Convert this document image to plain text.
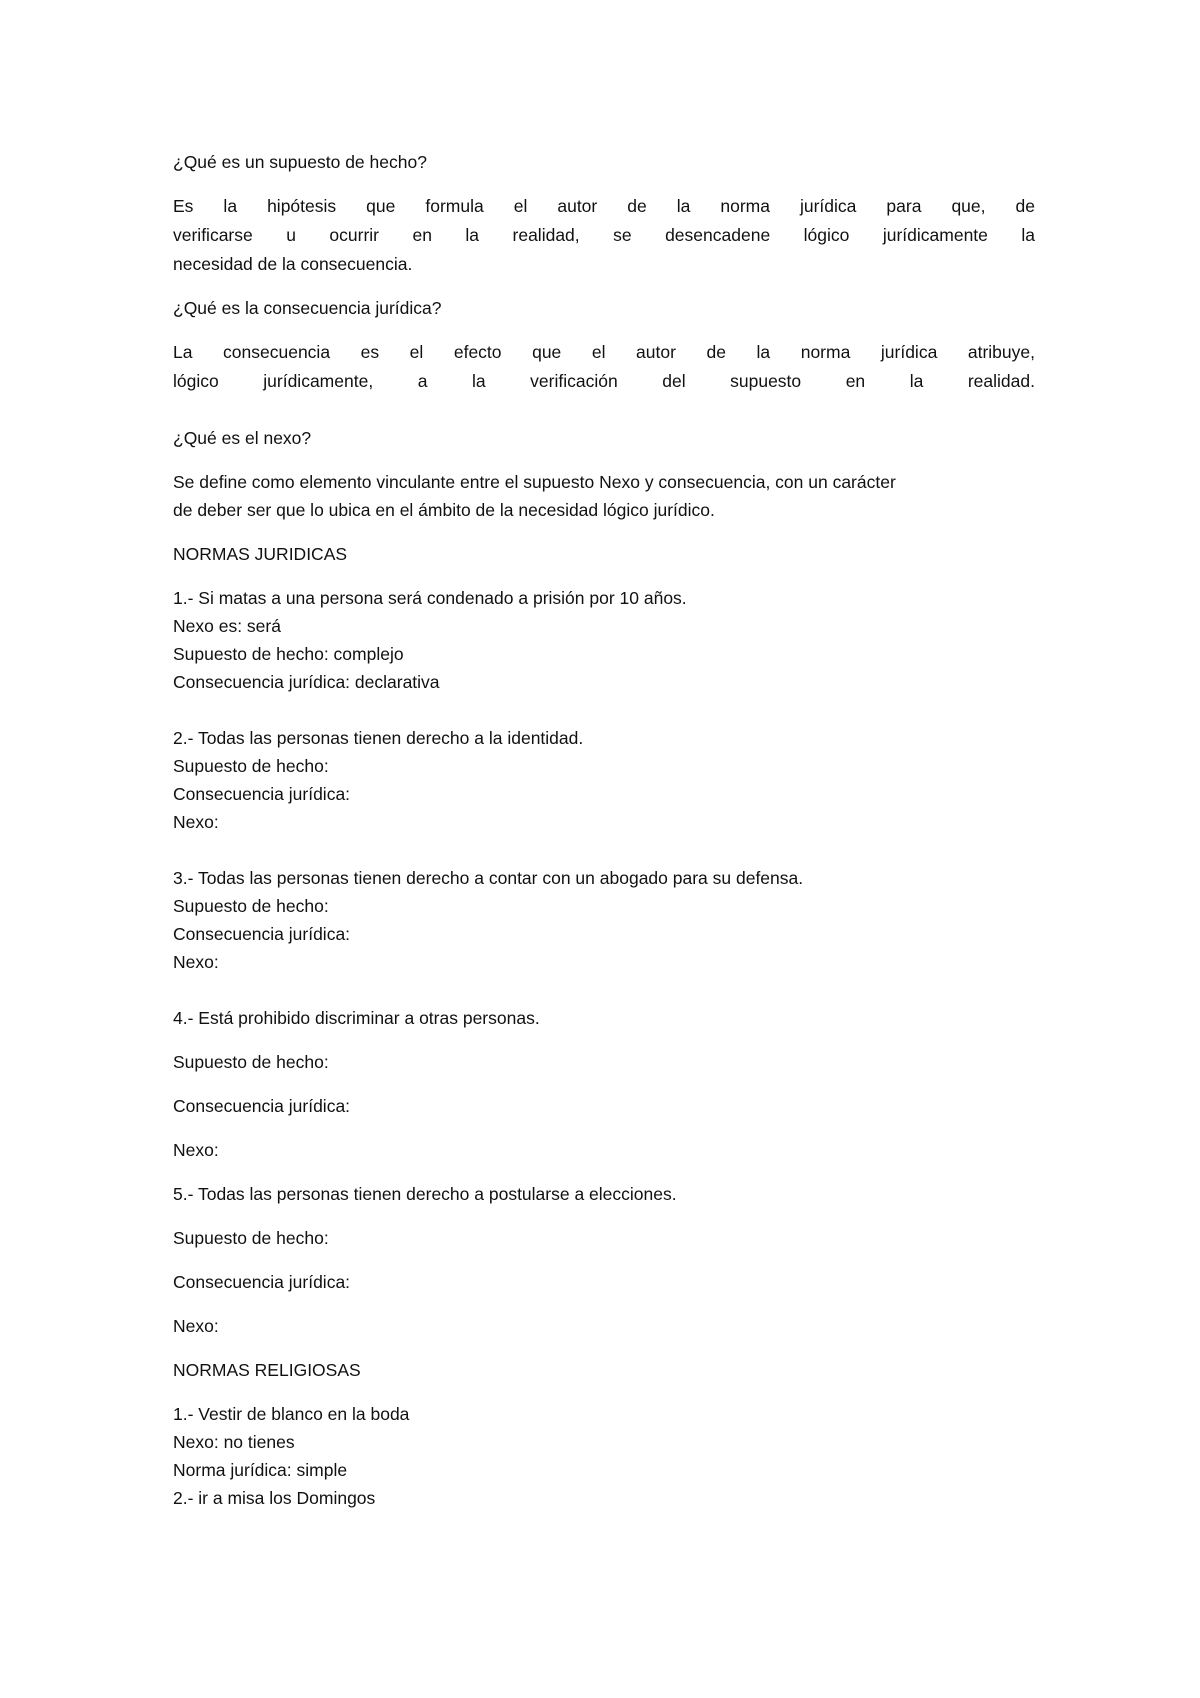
¿Qué es un supuesto de hecho?

Es la hipótesis que formula el autor de la norma jurídica para que, de
verificarse u ocurrir en la realidad, se desencadene lógico jurídicamente la
necesidad de la consecuencia.

¿Qué es la consecuencia jurídica?

La consecuencia es el efecto que el autor de la norma jurídica atribuye,
lógico jurídicamente, a la verificación del supuesto en la realidad.

¿Qué es el nexo?

Se define como elemento vinculante entre el supuesto Nexo y consecuencia, con un carácter
de deber ser que lo ubica en el ámbito de la necesidad lógico jurídico.

NORMAS JURIDICAS

1.- Si matas a una persona será condenado a prisión por 10 años.
Nexo es: será
Supuesto de hecho: complejo
Consecuencia jurídica: declarativa
2.- Todas las personas tienen derecho a la identidad.
Supuesto de hecho:
Consecuencia jurídica:
Nexo:
3.- Todas las personas tienen derecho a contar con un abogado para su defensa.
Supuesto de hecho:
Consecuencia jurídica:
Nexo:
4.- Está prohibido discriminar a otras personas.
Supuesto de hecho:
Consecuencia jurídica:
Nexo:
5.- Todas las personas tienen derecho a postularse a elecciones.
Supuesto de hecho:
Consecuencia jurídica:
Nexo:

NORMAS RELIGIOSAS

1.- Vestir de blanco en la boda
Nexo: no tienes
Norma jurídica: simple
2.- ir a misa los Domingos
